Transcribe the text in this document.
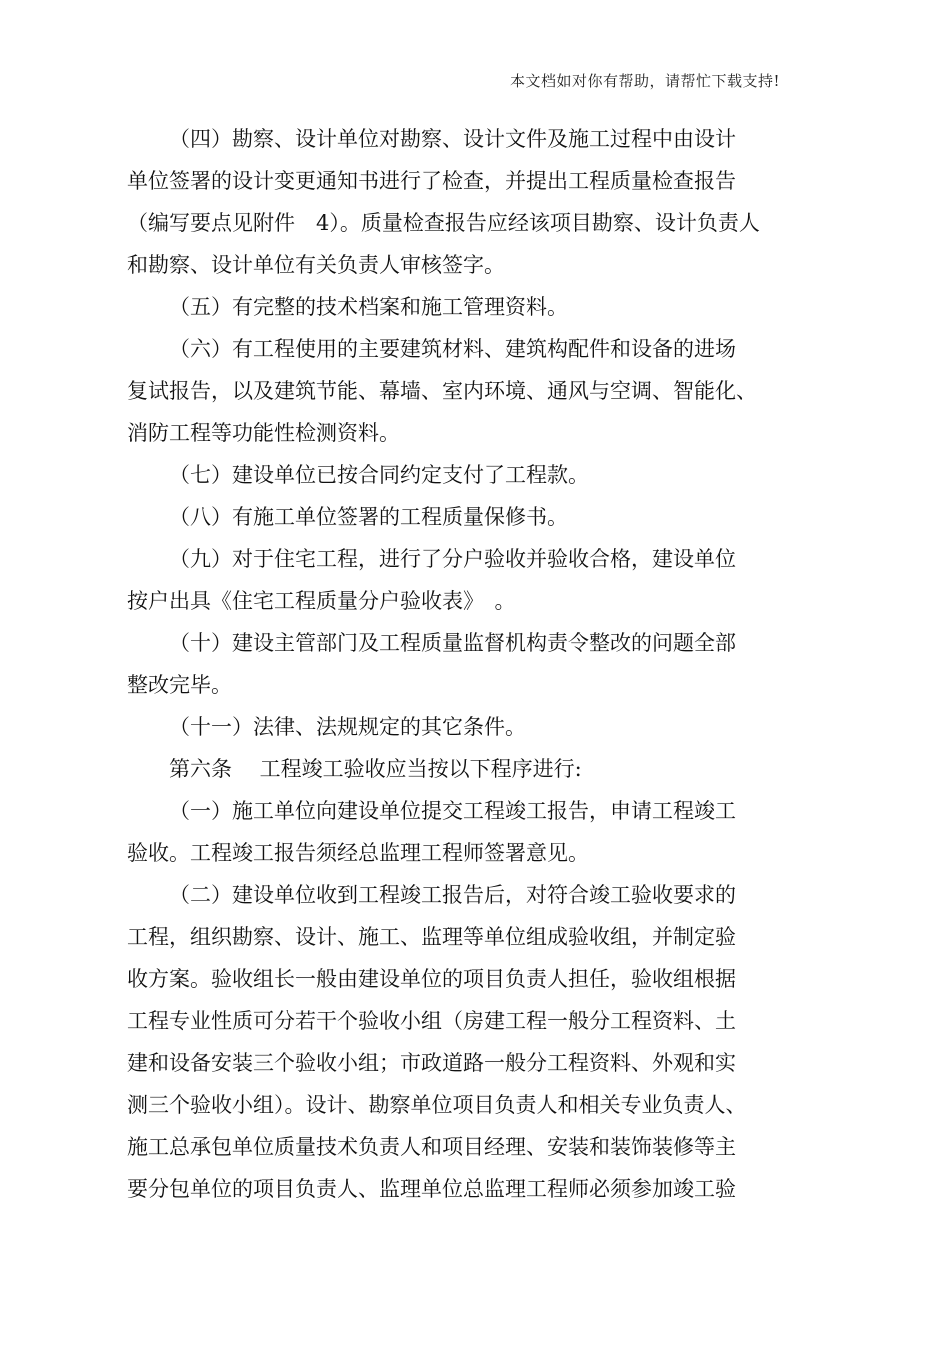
本文档如对你有帮助，请帮忙下载支持!
（四）勘察、设计单位对勘察、设计文件及施工过程中由设计
单位签署的设计变更通知书进行了检查，并提出工程质量检查报告
（编写要点见附件　4）。质量检查报告应经该项目勘察、设计负责人
和勘察、设计单位有关负责人审核签字。
（五）有完整的技术档案和施工管理资料。
（六）有工程使用的主要建筑材料、建筑构配件和设备的进场
复试报告，以及建筑节能、幕墙、室内环境、通风与空调、智能化、
消防工程等功能性检测资料。
（七）建设单位已按合同约定支付了工程款。
（八）有施工单位签署的工程质量保修书。
（九）对于住宅工程，进行了分户验收并验收合格，建设单位
按户出具《住宅工程质量分户验收表》　。
（十）建设主管部门及工程质量监督机构责令整改的问题全部
整改完毕。
（十一）法律、法规规定的其它条件。
第六条　 工程竣工验收应当按以下程序进行:
（一）施工单位向建设单位提交工程竣工报告，申请工程竣工
验收。工程竣工报告须经总监理工程师签署意见。
（二）建设单位收到工程竣工报告后，对符合竣工验收要求的
工程，组织勘察、设计、施工、监理等单位组成验收组，并制定验
收方案。验收组长一般由建设单位的项目负责人担任，验收组根据
工程专业性质可分若干个验收小组（房建工程一般分工程资料、土
建和设备安装三个验收小组；市政道路一般分工程资料、外观和实
测三个验收小组）。设计、勘察单位项目负责人和相关专业负责人、
施工总承包单位质量技术负责人和项目经理、安装和装饰装修等主
要分包单位的项目负责人、监理单位总监理工程师必须参加竣工验
